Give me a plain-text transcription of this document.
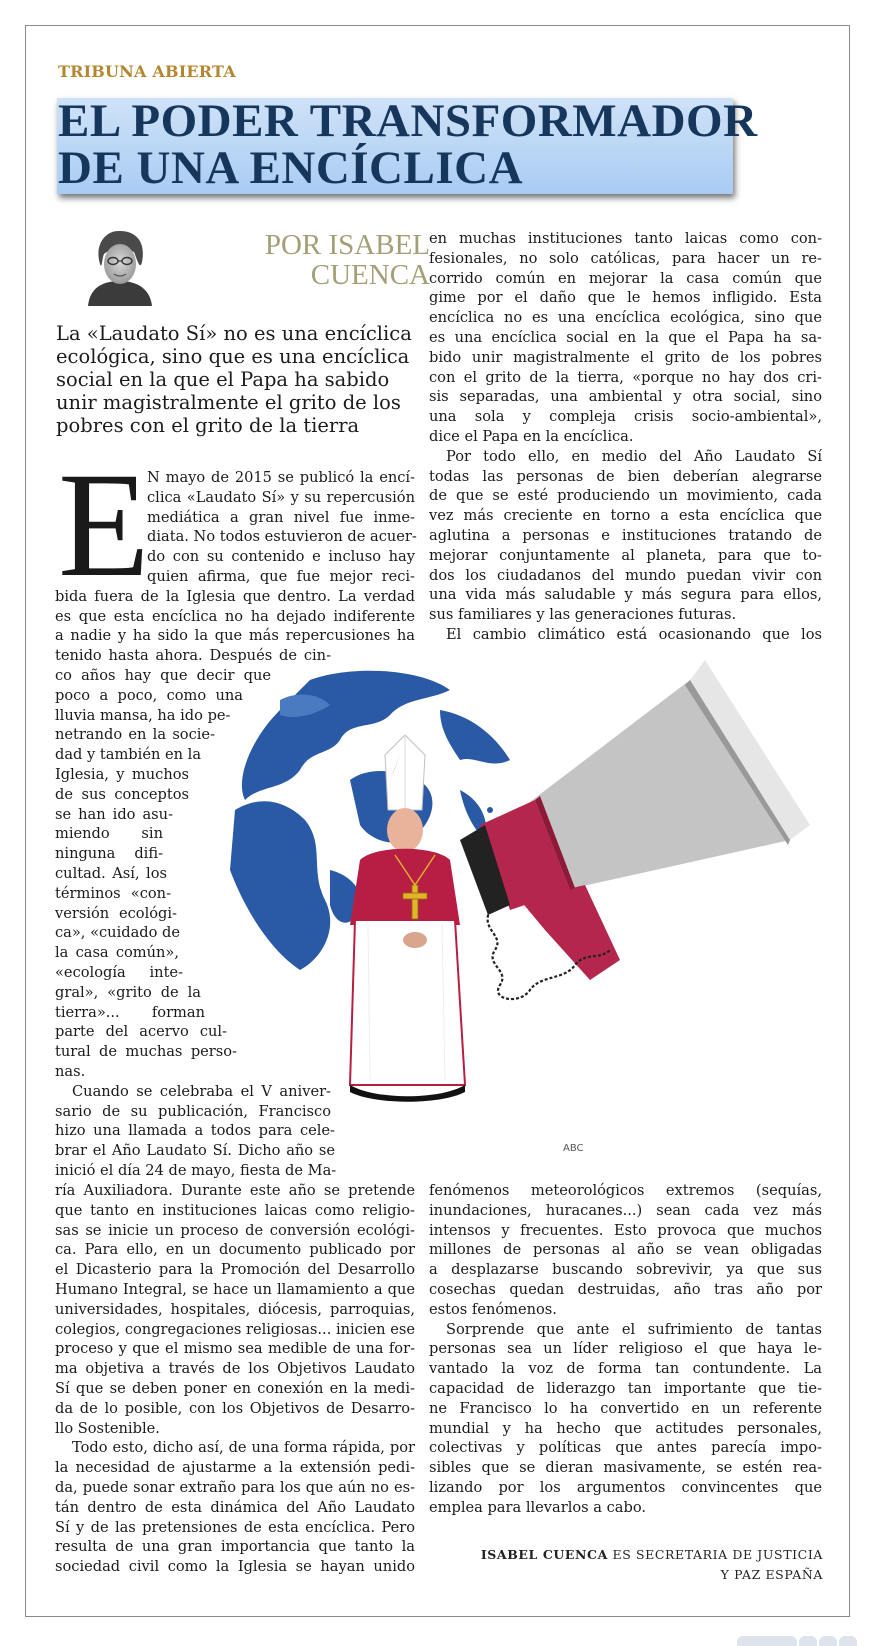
TRIBUNA ABIERTA
EL PODER TRANSFORMADOR
DE UNA ENCÍCLICA
POR ISABEL
CUENCA
La «Laudato Sí» no es una encíclica
ecológica, sino que es una encíclica
social en la que el Papa ha sabido
unir magistralmente el grito de los
pobres con el grito de la tierra
E
N mayo de 2015 se publicó la encí-
clica «Laudato Sí» y su repercusión
mediática a gran nivel fue inme-
diata. No todos estuvieron de acuer-
do con su contenido e incluso hay
quien afirma, que fue mejor reci-
bida fuera de la Iglesia que dentro. La verdad
es que esta encíclica no ha dejado indiferente
a nadie y ha sido la que más repercusiones ha
tenido hasta ahora. Después de cin-
co años hay que decir que
poco a poco, como una
lluvia mansa, ha ido pe-
netrando en la socie-
dad y también en la
Iglesia, y muchos
de sus conceptos
se han ido asu-
miendo sin
ninguna difi-
cultad. Así, los
términos «con-
versión ecológi-
ca», «cuidado de
la casa común»,
«ecología inte-
gral», «grito de la
tierra»... forman
parte del acervo cul-
tural de muchas perso-
nas.
Cuando se celebraba el V aniver-
sario de su publicación, Francisco
hizo una llamada a todos para cele-
brar el Año Laudato Sí. Dicho año se
inició el día 24 de mayo, fiesta de Ma-
ría Auxiliadora. Durante este año se pretende
que tanto en instituciones laicas como religio-
sas se inicie un proceso de conversión ecológi-
ca. Para ello, en un documento publicado por
el Dicasterio para la Promoción del Desarrollo
Humano Integral, se hace un llamamiento a que
universidades, hospitales, diócesis, parroquias,
colegios, congregaciones religiosas... inicien ese
proceso y que el mismo sea medible de una for-
ma objetiva a través de los Objetivos Laudato
Sí que se deben poner en conexión en la medi-
da de lo posible, con los Objetivos de Desarro-
llo Sostenible.
Todo esto, dicho así, de una forma rápida, por
la necesidad de ajustarme a la extensión pedi-
da, puede sonar extraño para los que aún no es-
tán dentro de esta dinámica del Año Laudato
Sí y de las pretensiones de esta encíclica. Pero
resulta de una gran importancia que tanto la
sociedad civil como la Iglesia se hayan unido
en muchas instituciones tanto laicas como con-
fesionales, no solo católicas, para hacer un re-
corrido común en mejorar la casa común que
gime por el daño que le hemos infligido. Esta
encíclica no es una encíclica ecológica, sino que
es una encíclica social en la que el Papa ha sa-
bido unir magistralmente el grito de los pobres
con el grito de la tierra, «porque no hay dos cri-
sis separadas, una ambiental y otra social, sino
una sola y compleja crisis socio-ambiental»,
dice el Papa en la encíclica.
Por todo ello, en medio del Año Laudato Sí
todas las personas de bien deberían alegrarse
de que se esté produciendo un movimiento, cada
vez más creciente en torno a esta encíclica que
aglutina a personas e instituciones tratando de
mejorar conjuntamente al planeta, para que to-
dos los ciudadanos del mundo puedan vivir con
una vida más saludable y más segura para ellos,
sus familiares y las generaciones futuras.
El cambio climático está ocasionando que los
ABC
fenómenos meteorológicos extremos (sequías,
inundaciones, huracanes...) sean cada vez más
intensos y frecuentes. Esto provoca que muchos
millones de personas al año se vean obligadas
a desplazarse buscando sobrevivir, ya que sus
cosechas quedan destruidas, año tras año por
estos fenómenos.
Sorprende que ante el sufrimiento de tantas
personas sea un líder religioso el que haya le-
vantado la voz de forma tan contundente. La
capacidad de liderazgo tan importante que tie-
ne Francisco lo ha convertido en un referente
mundial y ha hecho que actitudes personales,
colectivas y políticas que antes parecía impo-
sibles que se dieran masivamente, se estén rea-
lizando por los argumentos convincentes que
emplea para llevarlos a cabo.
ISABEL CUENCA ES SECRETARIA DE JUSTICIA
Y PAZ ESPAÑA
